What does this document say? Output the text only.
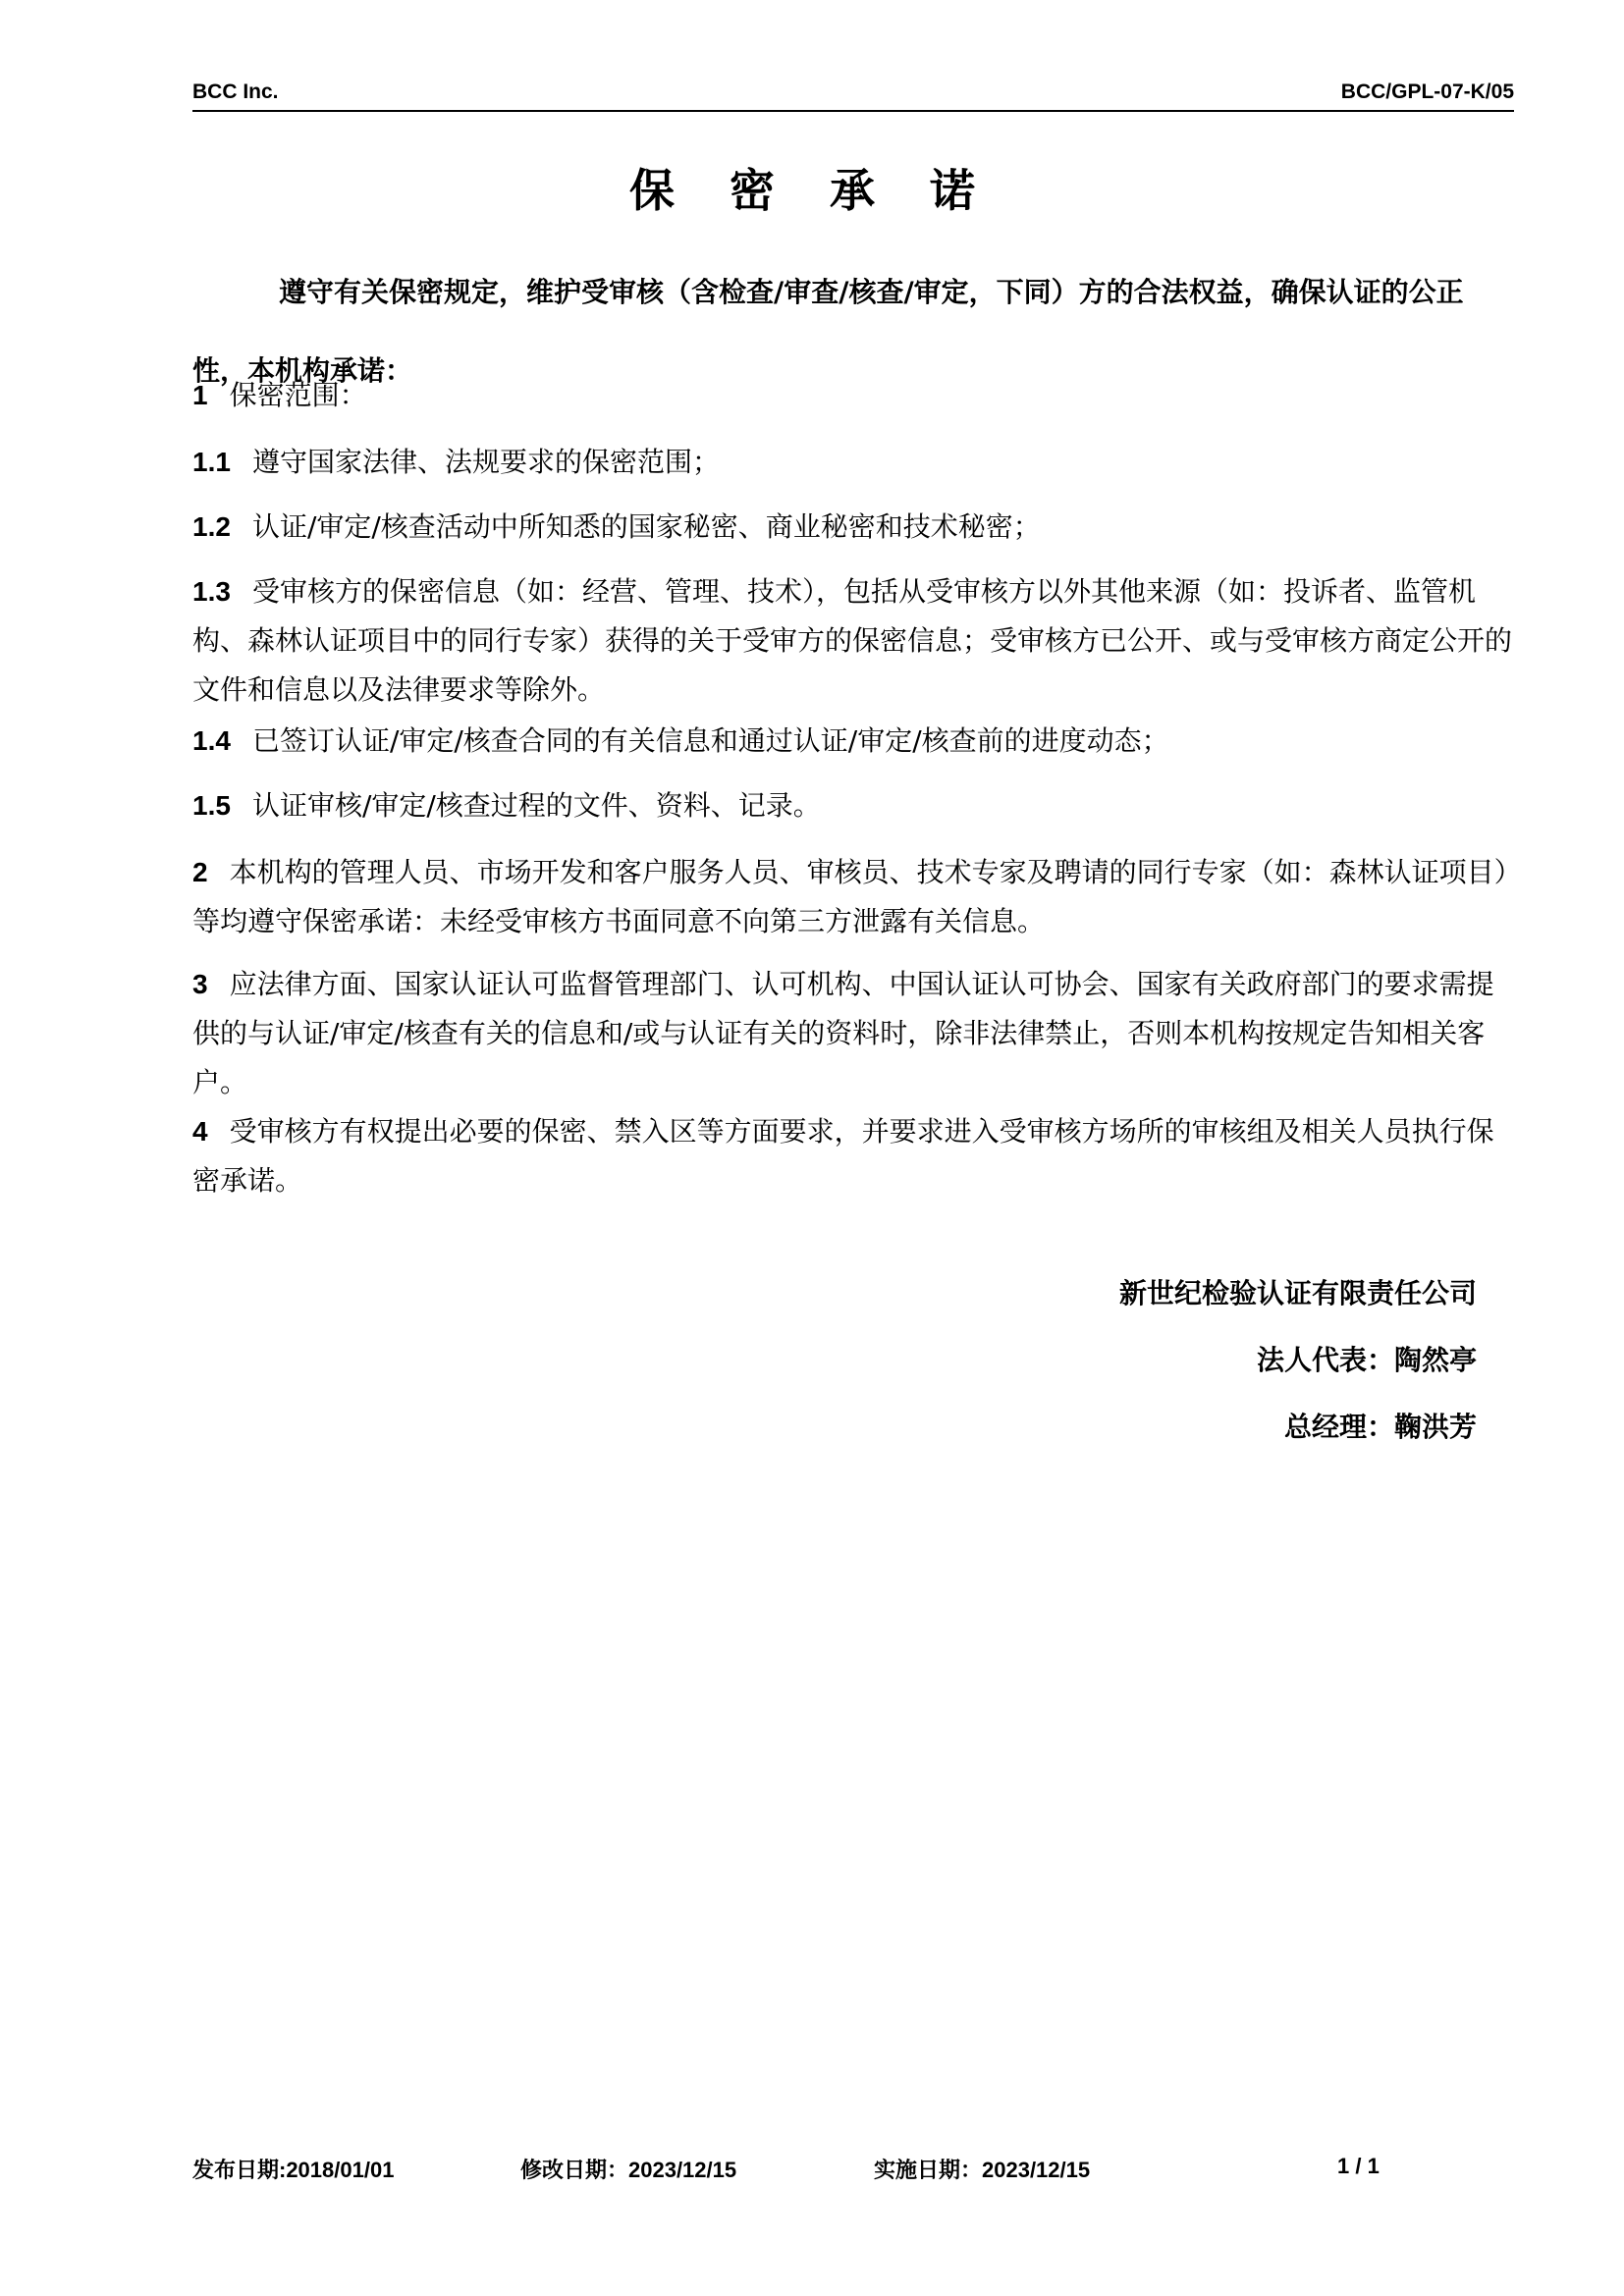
BCC Inc.	BCC/GPL-07-K/05
保 密 承 诺
遵守有关保密规定，维护受审核（含检查/审查/核查/审定，下同）方的合法权益，确保认证的公正性，本机构承诺：
1 保密范围：
1.1 遵守国家法律、法规要求的保密范围；
1.2 认证/审定/核查活动中所知悉的国家秘密、商业秘密和技术秘密；
1.3 受审核方的保密信息（如：经营、管理、技术），包括从受审核方以外其他来源（如：投诉者、监管机构、森林认证项目中的同行专家）获得的关于受审方的保密信息；受审核方已公开、或与受审核方商定公开的文件和信息以及法律要求等除外。
1.4 已签订认证/审定/核查合同的有关信息和通过认证/审定/核查前的进度动态；
1.5 认证审核/审定/核查过程的文件、资料、记录。
2 本机构的管理人员、市场开发和客户服务人员、审核员、技术专家及聘请的同行专家（如：森林认证项目）等均遵守保密承诺：未经受审核方书面同意不向第三方泄露有关信息。
3 应法律方面、国家认证认可监督管理部门、认可机构、中国认证认可协会、国家有关政府部门的要求需提供的与认证/审定/核查有关的信息和/或与认证有关的资料时，除非法律禁止，否则本机构按规定告知相关客户。
4 受审核方有权提出必要的保密、禁入区等方面要求，并要求进入受审核方场所的审核组及相关人员执行保密承诺。
新世纪检验认证有限责任公司
法人代表：陶然亭
总经理：鞠洪芳
发布日期:2018/01/01	修改日期：2023/12/15	实施日期：2023/12/15	1 / 1
